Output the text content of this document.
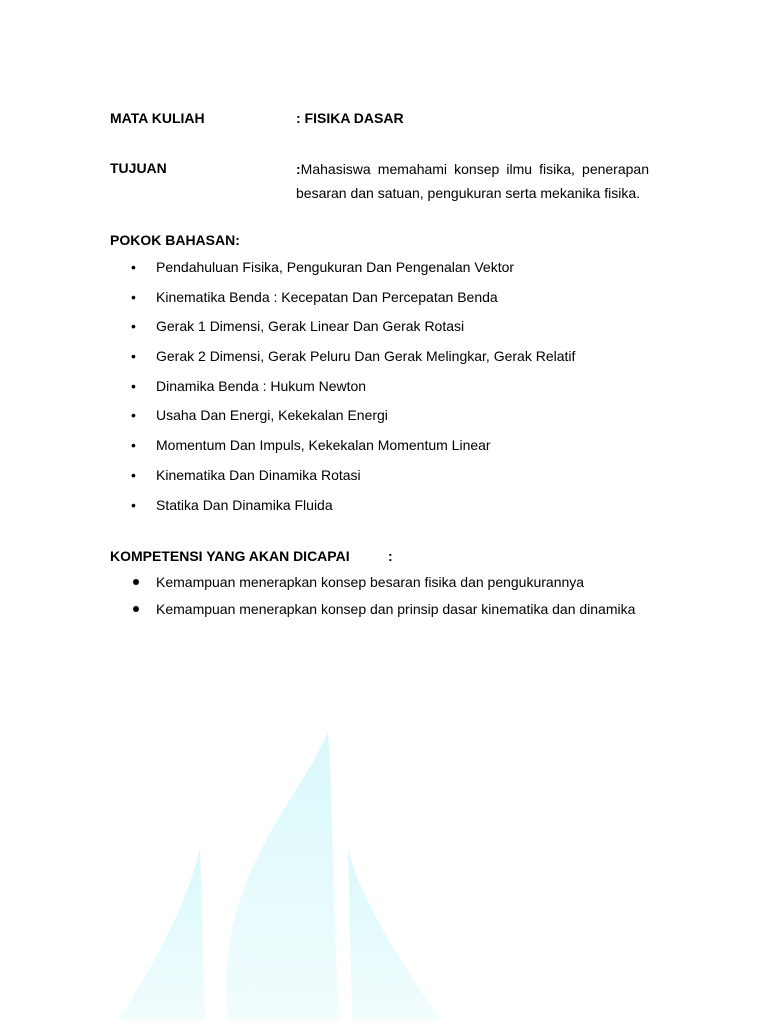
MATA KULIAH	: FISIKA DASAR
TUJUAN	:Mahasiswa memahami konsep ilmu fisika, penerapan
besaran dan satuan, pengukuran serta mekanika fisika.
POKOK BAHASAN:
• Pendahuluan Fisika, Pengukuran Dan Pengenalan Vektor
• Kinematika Benda : Kecepatan Dan Percepatan Benda
• Gerak 1 Dimensi, Gerak Linear Dan Gerak Rotasi
• Gerak 2 Dimensi, Gerak Peluru Dan Gerak Melingkar, Gerak Relatif
• Dinamika Benda : Hukum Newton
• Usaha Dan Energi, Kekekalan Energi
• Momentum Dan Impuls, Kekekalan Momentum Linear
• Kinematika Dan Dinamika Rotasi
• Statika Dan Dinamika Fluida
KOMPETENSI YANG AKAN DICAPAI	:
Kemampuan menerapkan konsep besaran fisika dan pengukurannya
Kemampuan menerapkan konsep dan prinsip dasar kinematika dan dinamika
